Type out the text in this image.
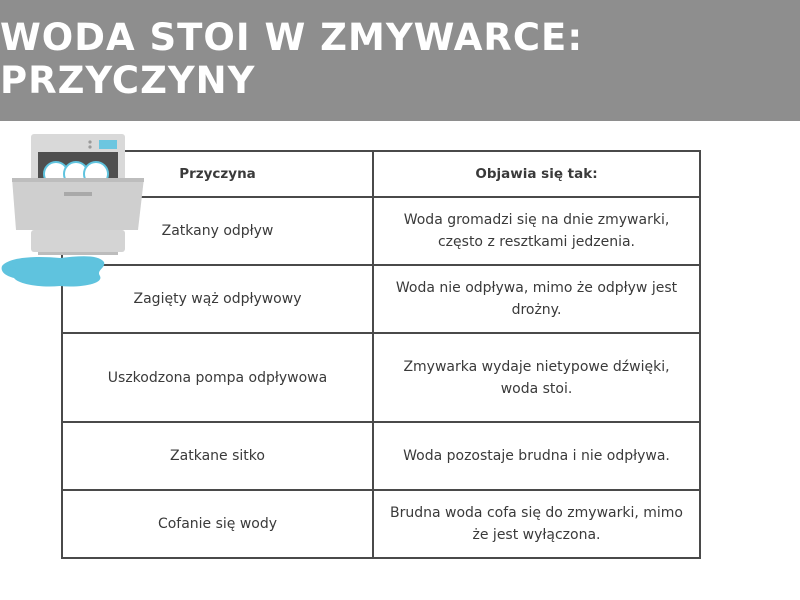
WODA STOI W ZMYWARCE: PRZYCZYNY
Przyczyna	Objawia się tak:
Zatkany odpływ	Woda gromadzi się na dnie zmywarki, często z resztkami jedzenia.
Zagięty wąż odpływowy	Woda nie odpływa, mimo że odpływ jest drożny.
Uszkodzona pompa odpływowa	Zmywarka wydaje nietypowe dźwięki, woda stoi.
Zatkane sitko	Woda pozostaje brudna i nie odpływa.
Cofanie się wody	Brudna woda cofa się do zmywarki, mimo że jest wyłączona.
